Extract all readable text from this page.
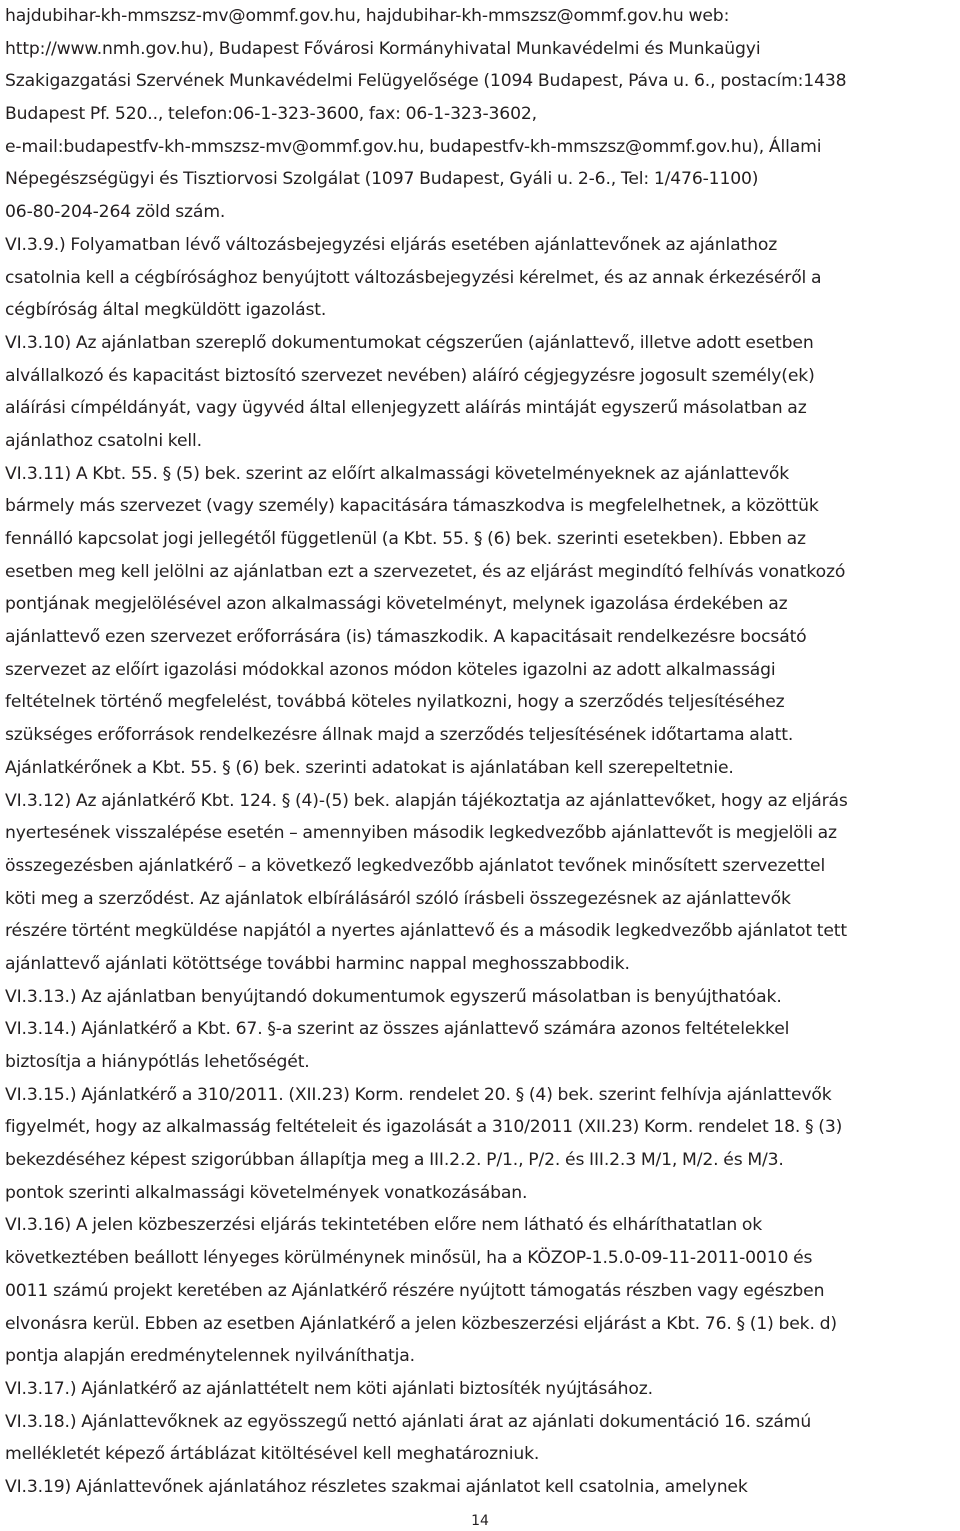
hajdubihar-kh-mmszsz-mv@ommf.gov.hu, hajdubihar-kh-mmszsz@ommf.gov.hu web:
http://www.nmh.gov.hu), Budapest Fővárosi Kormányhivatal Munkavédelmi és Munkaügyi
Szakigazgatási Szervének Munkavédelmi Felügyelősége (1094 Budapest, Páva u. 6., postacím:1438
Budapest Pf. 520.., telefon:06-1-323-3600, fax: 06-1-323-3602,
e-mail:budapestfv-kh-mmszsz-mv@ommf.gov.hu, budapestfv-kh-mmszsz@ommf.gov.hu), Állami
Népegészségügyi és Tisztiorvosi Szolgálat (1097 Budapest, Gyáli u. 2-6., Tel: 1/476-1100)
06-80-204-264 zöld szám.
VI.3.9.) Folyamatban lévő változásbejegyzési eljárás esetében ajánlattevőnek az ajánlathoz
csatolnia kell a cégbírósághoz benyújtott változásbejegyzési kérelmet, és az annak érkezéséről a
cégbíróság által megküldött igazolást.
VI.3.10) Az ajánlatban szereplő dokumentumokat cégszerűen (ajánlattevő, illetve adott esetben
alvállalkozó és kapacitást biztosító szervezet nevében) aláíró cégjegyzésre jogosult személy(ek)
aláírási címpéldányát, vagy ügyvéd által ellenjegyzett aláírás mintáját egyszerű másolatban az
ajánlathoz csatolni kell.
VI.3.11) A Kbt. 55. § (5) bek. szerint az előírt alkalmassági követelményeknek az ajánlattevők
bármely más szervezet (vagy személy) kapacitására támaszkodva is megfelelhetnek, a közöttük
fennálló kapcsolat jogi jellegétől függetlenül (a Kbt. 55. § (6) bek. szerinti esetekben). Ebben az
esetben meg kell jelölni az ajánlatban ezt a szervezetet, és az eljárást megindító felhívás vonatkozó
pontjának megjelölésével azon alkalmassági követelményt, melynek igazolása érdekében az
ajánlattevő ezen szervezet erőforrására (is) támaszkodik. A kapacitásait rendelkezésre bocsátó
szervezet az előírt igazolási módokkal azonos módon köteles igazolni az adott alkalmassági
feltételnek történő megfelelést, továbbá köteles nyilatkozni, hogy a szerződés teljesítéséhez
szükséges erőforrások rendelkezésre állnak majd a szerződés teljesítésének időtartama alatt.
Ajánlatkérőnek a Kbt. 55. § (6) bek. szerinti adatokat is ajánlatában kell szerepeltetnie.
VI.3.12) Az ajánlatkérő Kbt. 124. § (4)-(5) bek. alapján tájékoztatja az ajánlattevőket, hogy az eljárás
nyertesének visszalépése esetén – amennyiben második legkedvezőbb ajánlattevőt is megjelöli az
összegezésben ajánlatkérő – a következő legkedvezőbb ajánlatot tevőnek minősített szervezettel
köti meg a szerződést. Az ajánlatok elbírálásáról szóló írásbeli összegezésnek az ajánlattevők
részére történt megküldése napjától a nyertes ajánlattevő és a második legkedvezőbb ajánlatot tett
ajánlattevő ajánlati kötöttsége további harminc nappal meghosszabbodik.
VI.3.13.) Az ajánlatban benyújtandó dokumentumok egyszerű másolatban is benyújthatóak.
VI.3.14.) Ajánlatkérő a Kbt. 67. §-a szerint az összes ajánlattevő számára azonos feltételekkel
biztosítja a hiánypótlás lehetőségét.
VI.3.15.) Ajánlatkérő a 310/2011. (XII.23) Korm. rendelet 20. § (4) bek. szerint felhívja ajánlattevők
figyelmét, hogy az alkalmasság feltételeit és igazolását a 310/2011 (XII.23) Korm. rendelet 18. § (3)
bekezdéséhez képest szigorúbban állapítja meg a III.2.2. P/1., P/2. és III.2.3 M/1, M/2. és M/3.
pontok szerinti alkalmassági követelmények vonatkozásában.
VI.3.16) A jelen közbeszerzési eljárás tekintetében előre nem látható és elháríthatatlan ok
következtében beállott lényeges körülménynek minősül, ha a KÖZOP-1.5.0-09-11-2011-0010 és
0011 számú projekt keretében az Ajánlatkérő részére nyújtott támogatás részben vagy egészben
elvonásra kerül. Ebben az esetben Ajánlatkérő a jelen közbeszerzési eljárást a Kbt. 76. § (1) bek. d)
pontja alapján eredménytelennek nyilváníthatja.
VI.3.17.) Ajánlatkérő az ajánlattételt nem köti ajánlati biztosíték nyújtásához.
VI.3.18.) Ajánlattevőknek az egyösszegű nettó ajánlati árat az ajánlati dokumentáció 16. számú
mellékletét képező ártáblázat kitöltésével kell meghatározniuk.
VI.3.19) Ajánlattevőnek ajánlatához részletes szakmai ajánlatot kell csatolnia, amelynek
14
